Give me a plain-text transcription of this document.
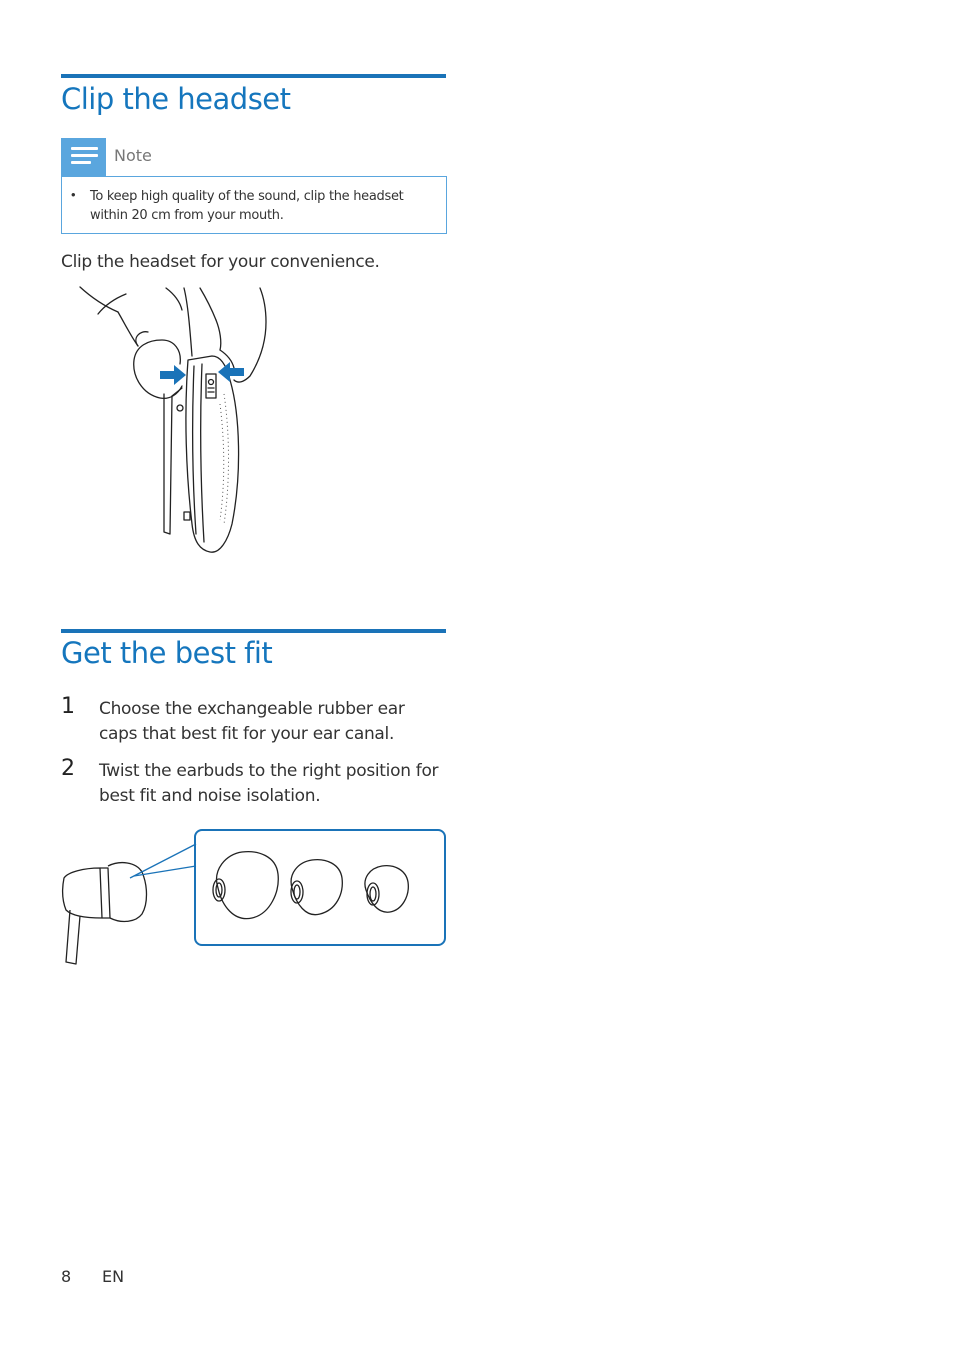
Clip the headset
Note
• To keep high quality of the sound, clip the headset within 20 cm from your mouth.
Clip the headset for your convenience.
Get the best fit
1 Choose the exchangeable rubber ear caps that best fit for your ear canal.
2 Twist the earbuds to the right position for best fit and noise isolation.
8 EN
